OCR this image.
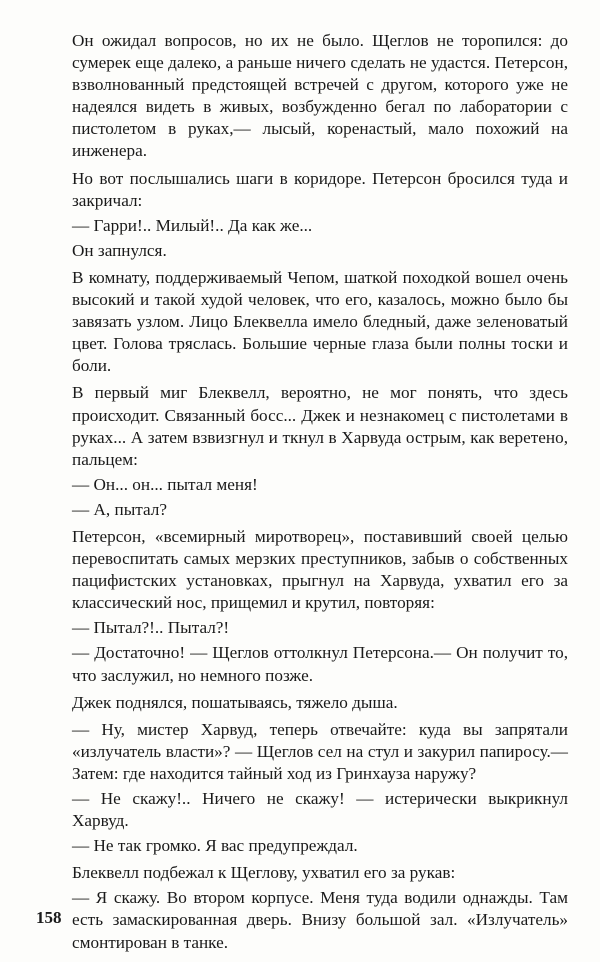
Он ожидал вопросов, но их не было. Щеглов не торопился: до сумерек еще далеко, а раньше ничего сделать не удастся. Петерсон, взволнованный предстоящей встречей с другом, которого уже не надеялся видеть в живых, возбужденно бегал по лаборатории с пистолетом в руках,— лысый, коренастый, мало похожий на инженера.

Но вот послышались шаги в коридоре. Петерсон бросился туда и закричал:

— Гарри!.. Милый!.. Да как же...

Он запнулся.

В комнату, поддерживаемый Чепом, шаткой походкой вошел очень высокий и такой худой человек, что его, казалось, можно было бы завязать узлом. Лицо Блеквелла имело бледный, даже зеленоватый цвет. Голова тряслась. Большие черные глаза были полны тоски и боли.

В первый миг Блеквелл, вероятно, не мог понять, что здесь происходит. Связанный босс... Джек и незнакомец с пистолетами в руках... А затем взвизгнул и ткнул в Харвуда острым, как веретено, пальцем:

— Он... он... пытал меня!

— А, пытал?

Петерсон, «всемирный миротворец», поставивший своей целью перевоспитать самых мерзких преступников, забыв о собственных пацифистских установках, прыгнул на Харвуда, ухватил его за классический нос, прищемил и крутил, повторяя:

— Пытал?!.. Пытал?!

— Достаточно! — Щеглов оттолкнул Петерсона.— Он получит то, что заслужил, но немного позже.

Джек поднялся, пошатываясь, тяжело дыша.

— Ну, мистер Харвуд, теперь отвечайте: куда вы запрятали «излучатель власти»? — Щеглов сел на стул и закурил папиросу.— Затем: где находится тайный ход из Гринхауза наружу?

— Не скажу!.. Ничего не скажу! — истерически выкрикнул Харвуд.

— Не так громко. Я вас предупреждал.

Блеквелл подбежал к Щеглову, ухватил его за рукав:

— Я скажу. Во втором корпусе. Меня туда водили однажды. Там есть замаскированная дверь. Внизу большой зал. «Излучатель» смонтирован в танке.

158
